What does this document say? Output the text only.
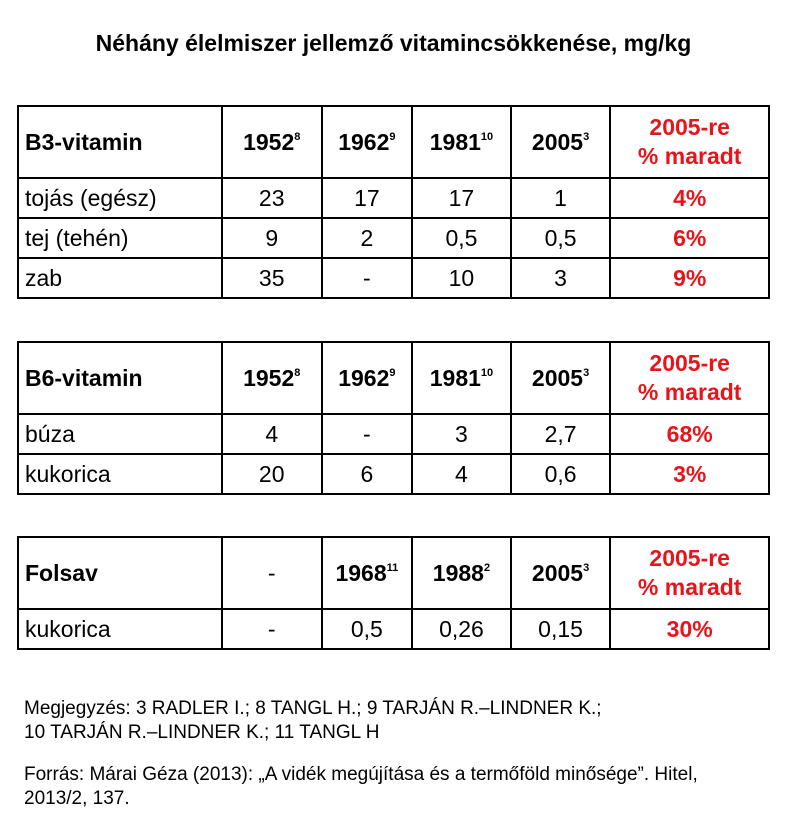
Néhány élelmiszer jellemző vitamincsökkenése, mg/kg
B3-vitamin	1952$^8$	1962$^9$	1981$^{10}$	2005$^3$	2005-re
% maradt
tojás (egész)	23	17	17	1	4%
tej (tehén)	9	2	0,5	0,5	6%
zab	35	-	10	3	9%
B6-vitamin	1952$^8$	1962$^9$	1981$^{10}$	2005$^3$	2005-re
% maradt
búza	4	-	3	2,7	68%
kukorica	20	6	4	0,6	3%
Folsav	-	1968$^{11}$	1988$^2$	2005$^3$	2005-re
% maradt
kukorica	-	0,5	0,26	0,15	30%
Megjegyzés: 3 RADLER I.; 8 TANGL H.; 9 TARJÁN R.–LINDNER K.;
10 TARJÁN R.–LINDNER K.; 11 TANGL H
Forrás: Márai Géza (2013): „A vidék megújítása és a termőföld minősége”. Hitel,
2013/2, 137.
